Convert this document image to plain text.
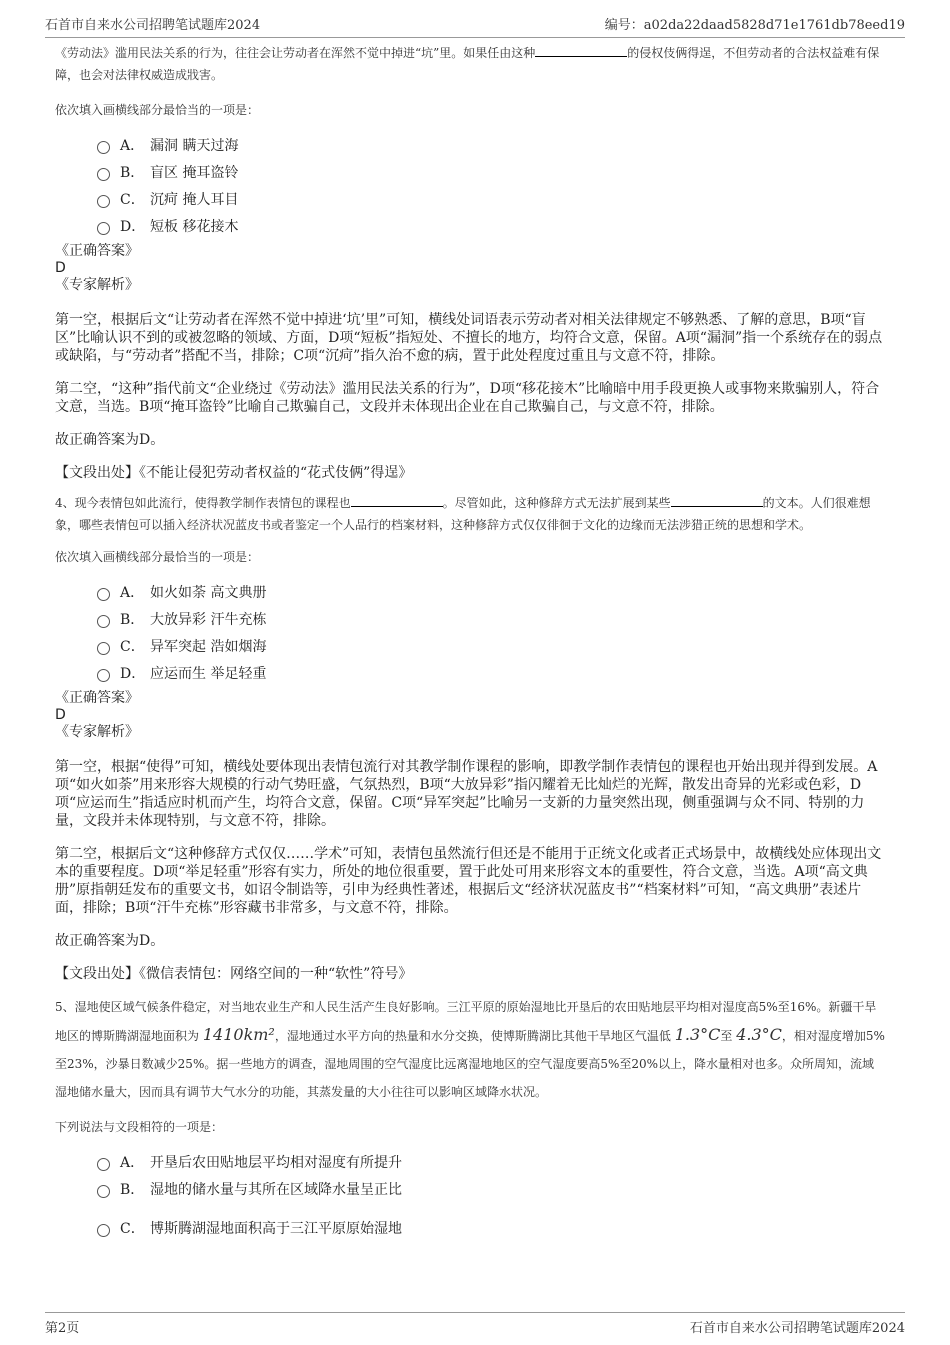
石首市自来水公司招聘笔试题库2024	编号：a02da22daad5828d71e1761db78eed19

《劳动法》滥用民法关系的行为，往往会让劳动者在浑然不觉中掉进“坑”里。如果任由这种	的侵权伎俩得逞，不但劳动者的合法权益难有保障，也会对法律权威造成戕害。

依次填入画横线部分最恰当的一项是：

A． 漏洞 瞒天过海
B． 盲区 掩耳盗铃
C． 沉疴 掩人耳目
D． 短板 移花接木

《正确答案》

D

《专家解析》

第一空，根据后文“让劳动者在浑然不觉中掉进‘坑’里”可知，横线处词语表示劳动者对相关法律规定不够熟悉、了解的意思，B项“盲区”比喻认识不到的或被忽略的领域、方面，D项“短板”指短处、不擅长的地方，均符合文意，保留。A项“漏洞”指一个系统存在的弱点或缺陷，与“劳动者”搭配不当，排除；C项“沉疴”指久治不愈的病，置于此处程度过重且与文意不符，排除。

第二空，“这种”指代前文“企业绕过《劳动法》滥用民法关系的行为”，D项“移花接木”比喻暗中用手段更换人或事物来欺骗别人，符合文意，当选。B项“掩耳盗铃”比喻自己欺骗自己，文段并未体现出企业在自己欺骗自己，与文意不符，排除。

故正确答案为D。

【文段出处】《不能让侵犯劳动者权益的“花式伎俩”得逞》

4、现今表情包如此流行，使得教学制作表情包的课程也	。尽管如此，这种修辞方式无法扩展到某些	的文本。人们很难想象，哪些表情包可以插入经济状况蓝皮书或者鉴定一个人品行的档案材料，这种修辞方式仅仅徘徊于文化的边缘而无法涉猎正统的思想和学术。

依次填入画横线部分最恰当的一项是：

A． 如火如荼 高文典册
B． 大放异彩 汗牛充栋
C． 异军突起 浩如烟海
D． 应运而生 举足轻重

《正确答案》

D

《专家解析》

第一空，根据“使得”可知，横线处要体现出表情包流行对其教学制作课程的影响，即教学制作表情包的课程也开始出现并得到发展。A项“如火如荼”用来形容大规模的行动气势旺盛，气氛热烈，B项“大放异彩”指闪耀着无比灿烂的光辉，散发出奇异的光彩或色彩，D项“应运而生”指适应时机而产生，均符合文意，保留。C项“异军突起”比喻另一支新的力量突然出现，侧重强调与众不同、特别的力量，文段并未体现特别，与文意不符，排除。

第二空，根据后文“这种修辞方式仅仅……学术”可知，表情包虽然流行但还是不能用于正统文化或者正式场景中，故横线处应体现出文本的重要程度。D项“举足轻重”形容有实力，所处的地位很重要，置于此处可用来形容文本的重要性，符合文意，当选。A项“高文典册”原指朝廷发布的重要文书，如诏令制诰等，引申为经典性著述，根据后文“经济状况蓝皮书”“档案材料”可知，“高文典册”表述片面，排除；B项“汗牛充栋”形容藏书非常多，与文意不符，排除。

故正确答案为D。

【文段出处】《微信表情包：网络空间的一种“软性”符号》

5、湿地使区域气候条件稳定，对当地农业生产和人民生活产生良好影响。三江平原的原始湿地比开垦后的农田贴地层平均相对湿度高5%至16%。新疆干旱地区的博斯腾湖湿地面积为 1410km²，湿地通过水平方向的热量和水分交换，使博斯腾湖比其他干旱地区气温低 1.3°C至 4.3°C，相对湿度增加5%至23%，沙暴日数减少25%。据一些地方的调查，湿地周围的空气湿度比远离湿地地区的空气湿度要高5%至20%以上，降水量相对也多。众所周知，流域湿地储水量大，因而具有调节大气水分的功能，其蒸发量的大小往往可以影响区域降水状况。

下列说法与文段相符的一项是：

A． 开垦后农田贴地层平均相对湿度有所提升
B． 湿地的储水量与其所在区域降水量呈正比
C． 博斯腾湖湿地面积高于三江平原原始湿地
第2页	石首市自来水公司招聘笔试题库2024
